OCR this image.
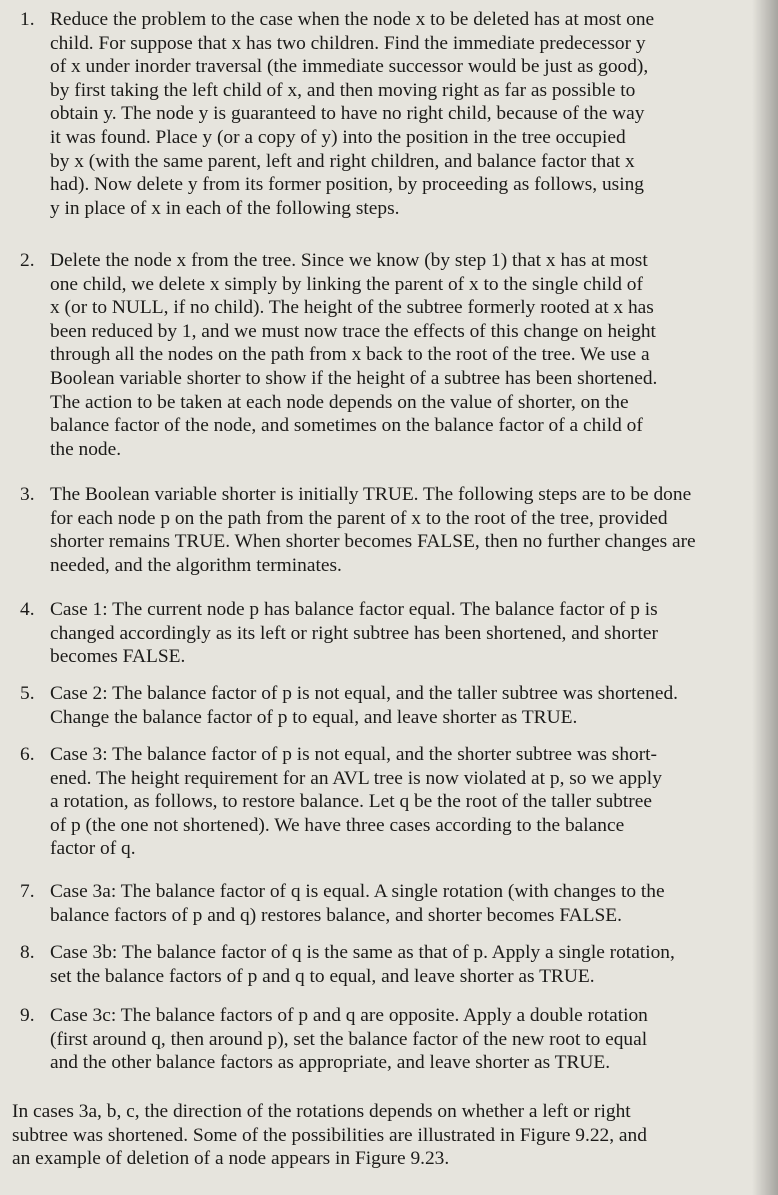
1. Reduce the problem to the case when the node x to be deleted has at most one
child. For suppose that x has two children. Find the immediate predecessor y
of x under inorder traversal (the immediate successor would be just as good),
by first taking the left child of x, and then moving right as far as possible to
obtain y. The node y is guaranteed to have no right child, because of the way
it was found. Place y (or a copy of y) into the position in the tree occupied
by x (with the same parent, left and right children, and balance factor that x
had). Now delete y from its former position, by proceeding as follows, using
y in place of x in each of the following steps.
2. Delete the node x from the tree. Since we know (by step 1) that x has at most
one child, we delete x simply by linking the parent of x to the single child of
x (or to NULL, if no child). The height of the subtree formerly rooted at x has
been reduced by 1, and we must now trace the effects of this change on height
through all the nodes on the path from x back to the root of the tree. We use a
Boolean variable shorter to show if the height of a subtree has been shortened.
The action to be taken at each node depends on the value of shorter, on the
balance factor of the node, and sometimes on the balance factor of a child of
the node.
3. The Boolean variable shorter is initially TRUE. The following steps are to be done
for each node p on the path from the parent of x to the root of the tree, provided
shorter remains TRUE. When shorter becomes FALSE, then no further changes are
needed, and the algorithm terminates.
4. Case 1: The current node p has balance factor equal. The balance factor of p is
changed accordingly as its left or right subtree has been shortened, and shorter
becomes FALSE.
5. Case 2: The balance factor of p is not equal, and the taller subtree was shortened.
Change the balance factor of p to equal, and leave shorter as TRUE.
6. Case 3: The balance factor of p is not equal, and the shorter subtree was short-
ened. The height requirement for an AVL tree is now violated at p, so we apply
a rotation, as follows, to restore balance. Let q be the root of the taller subtree
of p (the one not shortened). We have three cases according to the balance
factor of q.
7. Case 3a: The balance factor of q is equal. A single rotation (with changes to the
balance factors of p and q) restores balance, and shorter becomes FALSE.
8. Case 3b: The balance factor of q is the same as that of p. Apply a single rotation,
set the balance factors of p and q to equal, and leave shorter as TRUE.
9. Case 3c: The balance factors of p and q are opposite. Apply a double rotation
(first around q, then around p), set the balance factor of the new root to equal
and the other balance factors as appropriate, and leave shorter as TRUE.

In cases 3a, b, c, the direction of the rotations depends on whether a left or right
subtree was shortened. Some of the possibilities are illustrated in Figure 9.22, and
an example of deletion of a node appears in Figure 9.23.
